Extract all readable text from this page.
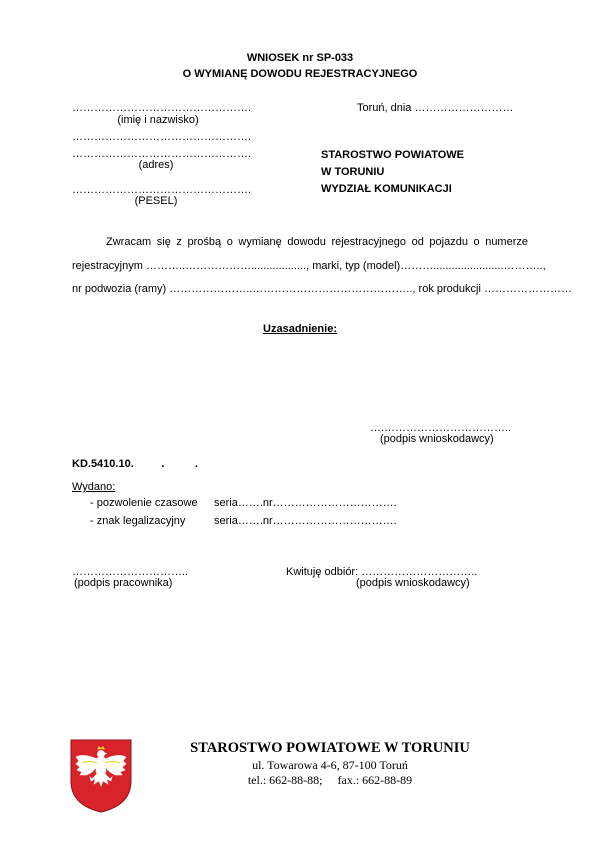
WNIOSEK nr SP-033
O WYMIANĘ DOWODU REJESTRACYJNEGO
………………………………………….
(imię i nazwisko)
………………………………………….
………………………………………….
(adres)
………………………………………….
(PESEL)
Toruń, dnia ………………………
STAROSTWO POWIATOWE
W TORUNIU
WYDZIAŁ KOMUNIKACJI
Zwracam się z prośbą o wymianę dowodu rejestracyjnego od pojazdu o numerze
rejestracyjnym ………..……………….................., marki, typ (model)……….......................………..,
nr podwozia (ramy) …………………..…………………………………….., rok produkcji ……………………
Uzasadnienie:
….……………………………..
(podpis wnioskodawcy)
KD.5410.10.         .          .
Wydano:
- pozwolenie czasowe seria…….nr…………………………….
- znak legalizacyjny	seria…….nr…………………………….
…………………………..
(podpis pracownika)
Kwituję odbiór: …………………………..
(podpis wnioskodawcy)
STAROSTWO POWIATOWE W TORUNIU
ul. Towarowa 4-6, 87-100 Toruń
tel.: 662-88-88;     fax.: 662-88-89
